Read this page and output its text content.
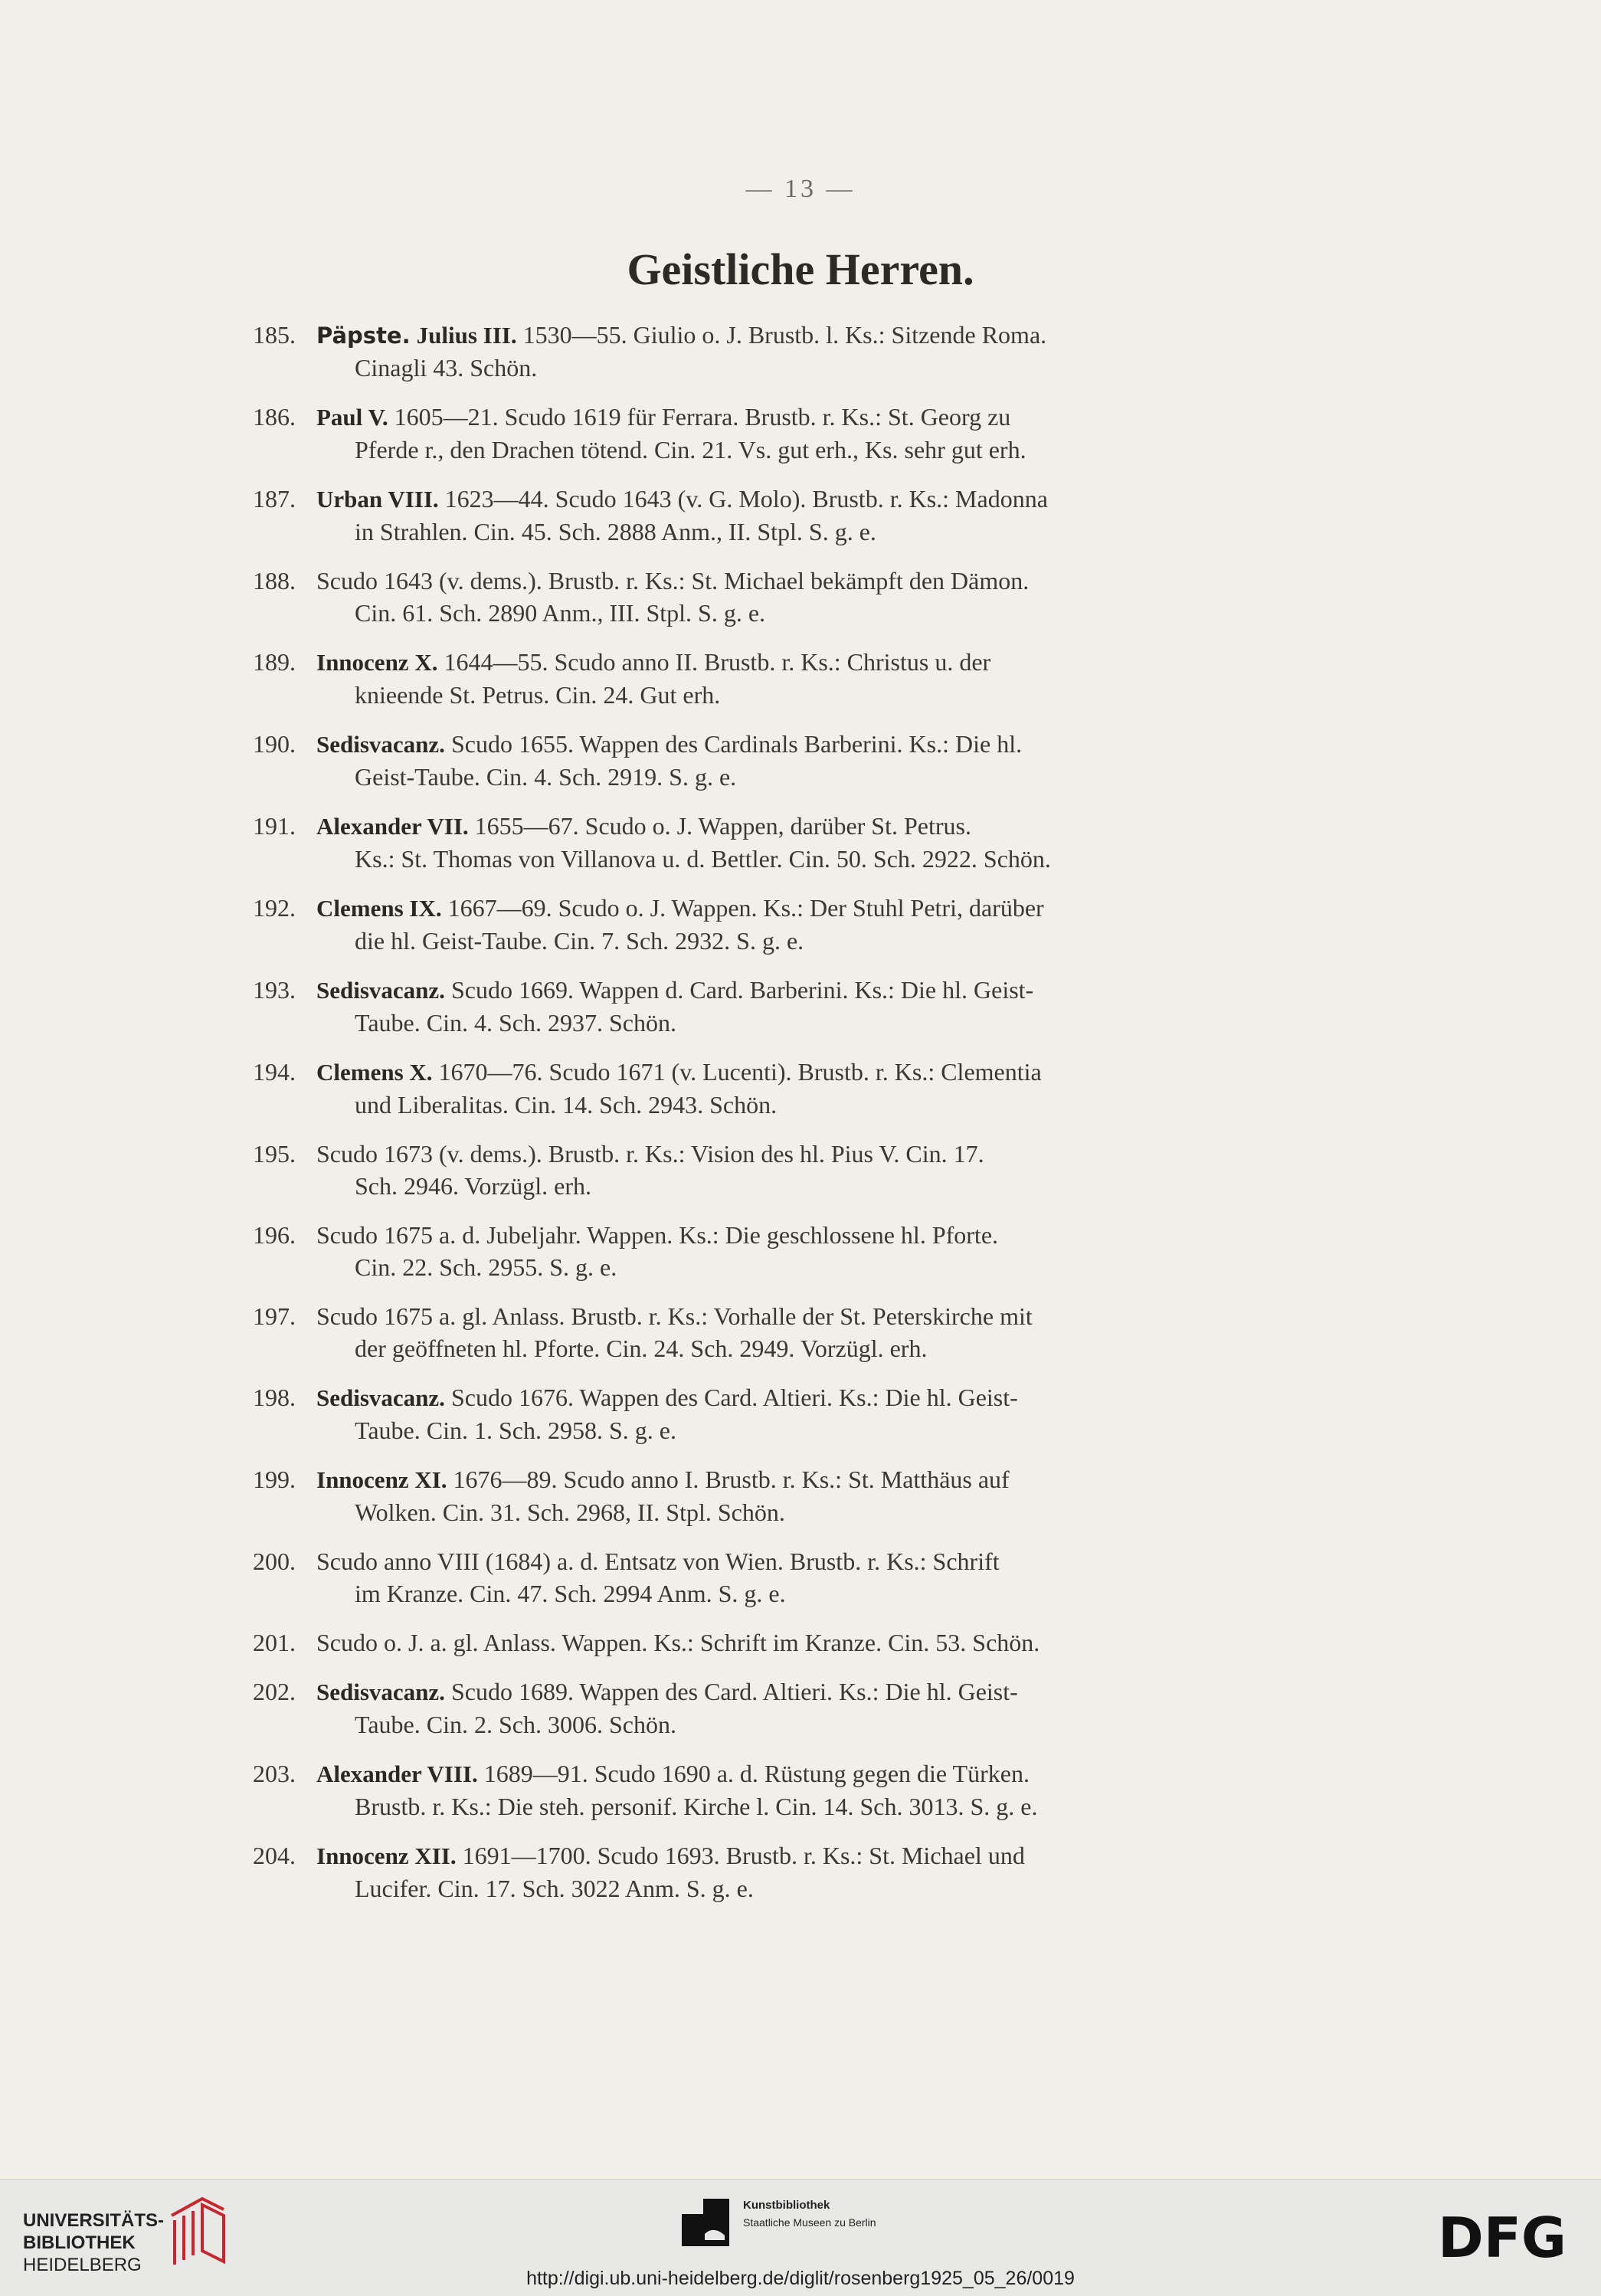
— 13 —
Geistliche Herren.
185. Päpste. Julius III. 1530—55. Giulio o. J. Brustb. l. Ks.: Sitzende Roma.
Cinagli 43. Schön.
186. Paul V. 1605—21. Scudo 1619 für Ferrara. Brustb. r. Ks.: St. Georg zu
Pferde r., den Drachen tötend. Cin. 21. Vs. gut erh., Ks. sehr gut erh.
187. Urban VIII. 1623—44. Scudo 1643 (v. G. Molo). Brustb. r. Ks.: Madonna
in Strahlen. Cin. 45. Sch. 2888 Anm., II. Stpl. S. g. e.
188. Scudo 1643 (v. dems.). Brustb. r. Ks.: St. Michael bekämpft den Dämon.
Cin. 61. Sch. 2890 Anm., III. Stpl. S. g. e.
189. Innocenz X. 1644—55. Scudo anno II. Brustb. r. Ks.: Christus u. der
knieende St. Petrus. Cin. 24. Gut erh.
190. Sedisvacanz. Scudo 1655. Wappen des Cardinals Barberini. Ks.: Die hl.
Geist-Taube. Cin. 4. Sch. 2919. S. g. e.
191. Alexander VII. 1655—67. Scudo o. J. Wappen, darüber St. Petrus.
Ks.: St. Thomas von Villanova u. d. Bettler. Cin. 50. Sch. 2922. Schön.
192. Clemens IX. 1667—69. Scudo o. J. Wappen. Ks.: Der Stuhl Petri, darüber
die hl. Geist-Taube. Cin. 7. Sch. 2932. S. g. e.
193. Sedisvacanz. Scudo 1669. Wappen d. Card. Barberini. Ks.: Die hl. Geist-
Taube. Cin. 4. Sch. 2937. Schön.
194. Clemens X. 1670—76. Scudo 1671 (v. Lucenti). Brustb. r. Ks.: Clementia
und Liberalitas. Cin. 14. Sch. 2943. Schön.
195. Scudo 1673 (v. dems.). Brustb. r. Ks.: Vision des hl. Pius V. Cin. 17.
Sch. 2946. Vorzügl. erh.
196. Scudo 1675 a. d. Jubeljahr. Wappen. Ks.: Die geschlossene hl. Pforte.
Cin. 22. Sch. 2955. S. g. e.
197. Scudo 1675 a. gl. Anlass. Brustb. r. Ks.: Vorhalle der St. Peterskirche mit
der geöffneten hl. Pforte. Cin. 24. Sch. 2949. Vorzügl. erh.
198. Sedisvacanz. Scudo 1676. Wappen des Card. Altieri. Ks.: Die hl. Geist-
Taube. Cin. 1. Sch. 2958. S. g. e.
199. Innocenz XI. 1676—89. Scudo anno I. Brustb. r. Ks.: St. Matthäus auf
Wolken. Cin. 31. Sch. 2968, II. Stpl. Schön.
200. Scudo anno VIII (1684) a. d. Entsatz von Wien. Brustb. r. Ks.: Schrift
im Kranze. Cin. 47. Sch. 2994 Anm. S. g. e.
201. Scudo o. J. a. gl. Anlass. Wappen. Ks.: Schrift im Kranze. Cin. 53. Schön.
202. Sedisvacanz. Scudo 1689. Wappen des Card. Altieri. Ks.: Die hl. Geist-
Taube. Cin. 2. Sch. 3006. Schön.
203. Alexander VIII. 1689—91. Scudo 1690 a. d. Rüstung gegen die Türken.
Brustb. r. Ks.: Die steh. personif. Kirche l. Cin. 14. Sch. 3013. S. g. e.
204. Innocenz XII. 1691—1700. Scudo 1693. Brustb. r. Ks.: St. Michael und
Lucifer. Cin. 17. Sch. 3022 Anm. S. g. e.
UNIVERSITÄTS-
BIBLIOTHEK
HEIDELBERG
Kunstbibliothek
Staatliche Museen zu Berlin	DFG
http://digi.ub.uni-heidelberg.de/diglit/rosenberg1925_05_26/0019
